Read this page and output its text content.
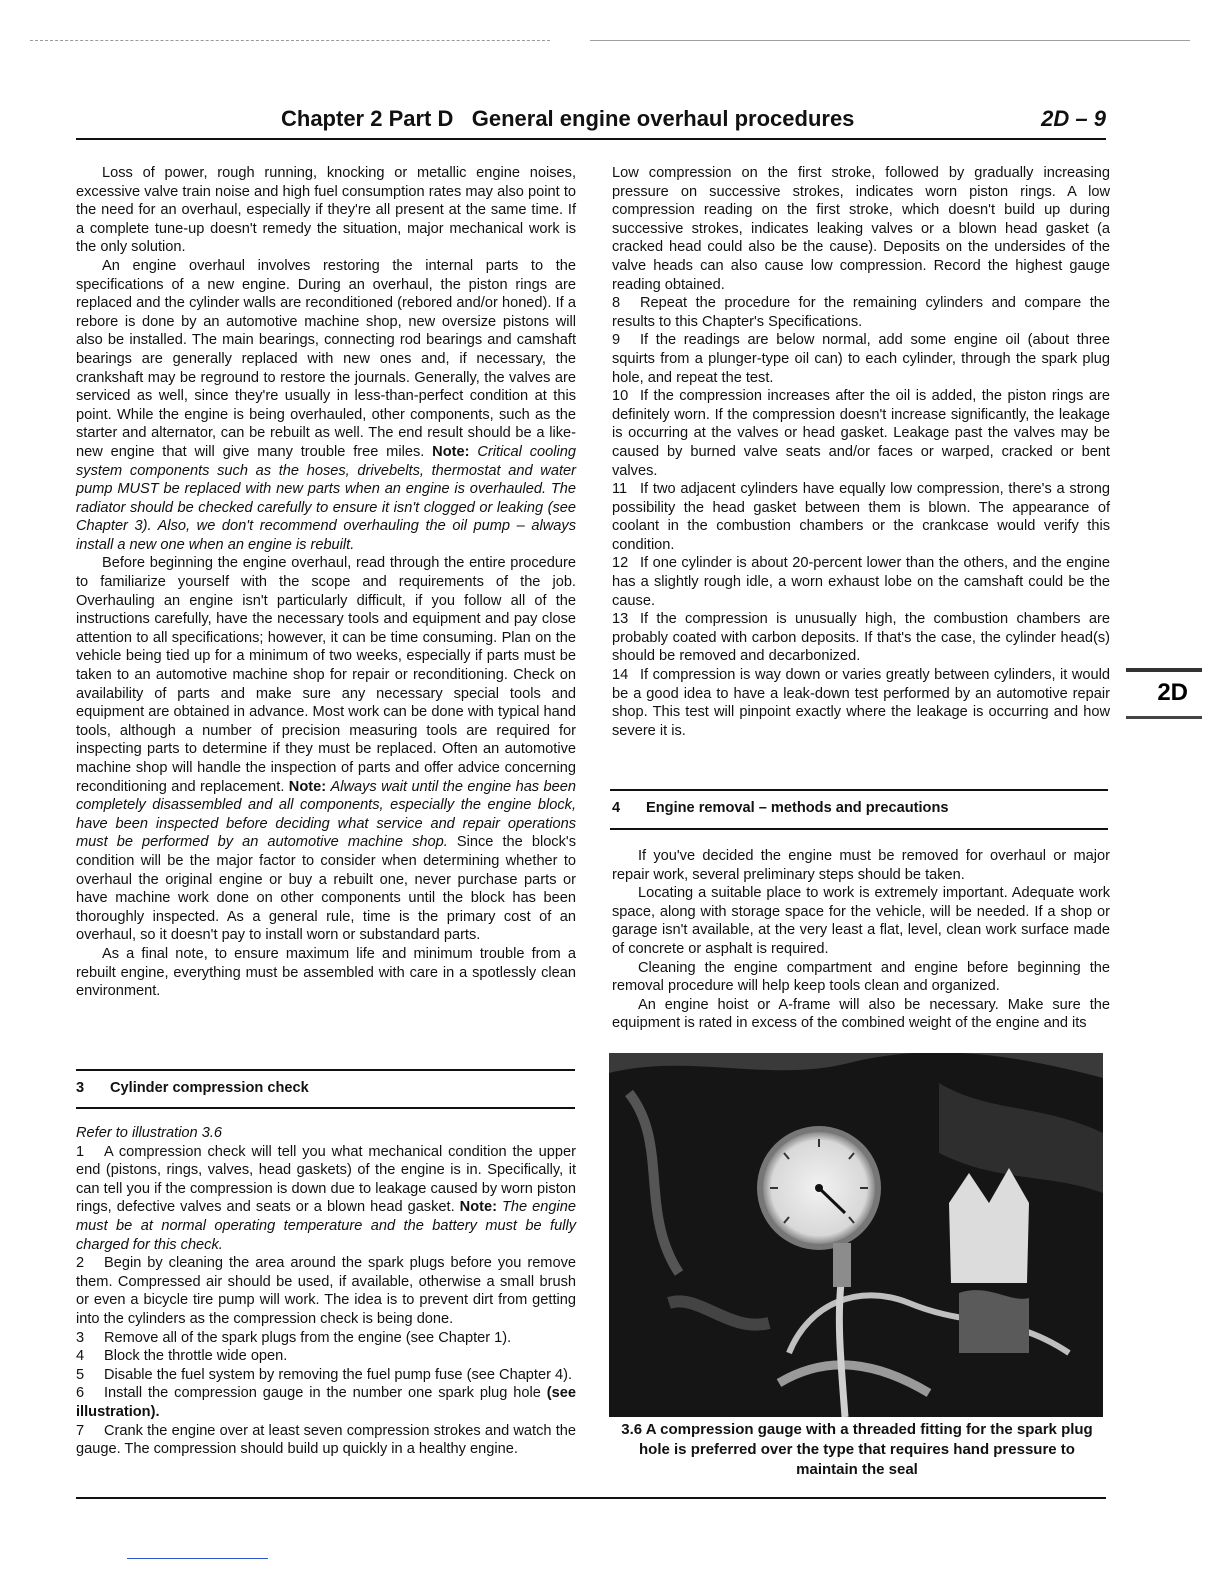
Chapter 2 Part D General engine overhaul procedures	2D – 9

Loss of power, rough running, knocking or metallic engine noises, excessive valve train noise and high fuel consumption rates may also point to the need for an overhaul, especially if they're all present at the same time. If a complete tune-up doesn't remedy the situation, major mechanical work is the only solution.

An engine overhaul involves restoring the internal parts to the specifications of a new engine. During an overhaul, the piston rings are replaced and the cylinder walls are reconditioned (rebored and/or honed). If a rebore is done by an automotive machine shop, new oversize pistons will also be installed. The main bearings, connecting rod bearings and camshaft bearings are generally replaced with new ones and, if necessary, the crankshaft may be reground to restore the journals. Generally, the valves are serviced as well, since they're usually in less-than-perfect condition at this point. While the engine is being overhauled, other components, such as the starter and alternator, can be rebuilt as well. The end result should be a like-new engine that will give many trouble free miles. Note: Critical cooling system components such as the hoses, drivebelts, thermostat and water pump MUST be replaced with new parts when an engine is overhauled. The radiator should be checked carefully to ensure it isn't clogged or leaking (see Chapter 3). Also, we don't recommend overhauling the oil pump – always install a new one when an engine is rebuilt.

Before beginning the engine overhaul, read through the entire procedure to familiarize yourself with the scope and requirements of the job. Overhauling an engine isn't particularly difficult, if you follow all of the instructions carefully, have the necessary tools and equipment and pay close attention to all specifications; however, it can be time consuming. Plan on the vehicle being tied up for a minimum of two weeks, especially if parts must be taken to an automotive machine shop for repair or reconditioning. Check on availability of parts and make sure any necessary special tools and equipment are obtained in advance. Most work can be done with typical hand tools, although a number of precision measuring tools are required for inspecting parts to determine if they must be replaced. Often an automotive machine shop will handle the inspection of parts and offer advice concerning reconditioning and replacement. Note: Always wait until the engine has been completely disassembled and all components, especially the engine block, have been inspected before deciding what service and repair operations must be performed by an automotive machine shop. Since the block's condition will be the major factor to consider when determining whether to overhaul the original engine or buy a rebuilt one, never purchase parts or have machine work done on other components until the block has been thoroughly inspected. As a general rule, time is the primary cost of an overhaul, so it doesn't pay to install worn or substandard parts.

As a final note, to ensure maximum life and minimum trouble from a rebuilt engine, everything must be assembled with care in a spotlessly clean environment.

3 Cylinder compression check

Refer to illustration 3.6

1 A compression check will tell you what mechanical condition the upper end (pistons, rings, valves, head gaskets) of the engine is in. Specifically, it can tell you if the compression is down due to leakage caused by worn piston rings, defective valves and seats or a blown head gasket. Note: The engine must be at normal operating temperature and the battery must be fully charged for this check.

2 Begin by cleaning the area around the spark plugs before you remove them. Compressed air should be used, if available, otherwise a small brush or even a bicycle tire pump will work. The idea is to prevent dirt from getting into the cylinders as the compression check is being done.

3 Remove all of the spark plugs from the engine (see Chapter 1).

4 Block the throttle wide open.

5 Disable the fuel system by removing the fuel pump fuse (see Chapter 4).

6 Install the compression gauge in the number one spark plug hole (see illustration).

7 Crank the engine over at least seven compression strokes and watch the gauge. The compression should build up quickly in a healthy engine.

Low compression on the first stroke, followed by gradually increasing pressure on successive strokes, indicates worn piston rings. A low compression reading on the first stroke, which doesn't build up during successive strokes, indicates leaking valves or a blown head gasket (a cracked head could also be the cause). Deposits on the undersides of the valve heads can also cause low compression. Record the highest gauge reading obtained.

8 Repeat the procedure for the remaining cylinders and compare the results to this Chapter's Specifications.

9 If the readings are below normal, add some engine oil (about three squirts from a plunger-type oil can) to each cylinder, through the spark plug hole, and repeat the test.

10 If the compression increases after the oil is added, the piston rings are definitely worn. If the compression doesn't increase significantly, the leakage is occurring at the valves or head gasket. Leakage past the valves may be caused by burned valve seats and/or faces or warped, cracked or bent valves.

11 If two adjacent cylinders have equally low compression, there's a strong possibility the head gasket between them is blown. The appearance of coolant in the combustion chambers or the crankcase would verify this condition.

12 If one cylinder is about 20-percent lower than the others, and the engine has a slightly rough idle, a worn exhaust lobe on the camshaft could be the cause.

13 If the compression is unusually high, the combustion chambers are probably coated with carbon deposits. If that's the case, the cylinder head(s) should be removed and decarbonized.

14 If compression is way down or varies greatly between cylinders, it would be a good idea to have a leak-down test performed by an automotive repair shop. This test will pinpoint exactly where the leakage is occurring and how severe it is.

4 Engine removal – methods and precautions

If you've decided the engine must be removed for overhaul or major repair work, several preliminary steps should be taken.

Locating a suitable place to work is extremely important. Adequate work space, along with storage space for the vehicle, will be needed. If a shop or garage isn't available, at the very least a flat, level, clean work surface made of concrete or asphalt is required.

Cleaning the engine compartment and engine before beginning the removal procedure will help keep tools clean and organized.

An engine hoist or A-frame will also be necessary. Make sure the equipment is rated in excess of the combined weight of the engine and its

2D
3.6 A compression gauge with a threaded fitting for the spark plug hole is preferred over the type that requires hand pressure to maintain the seal
